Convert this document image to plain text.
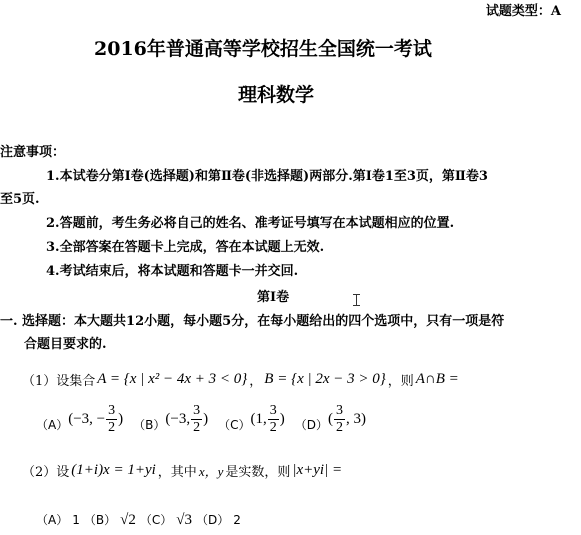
试题类型：A
2016年普通高等学校招生全国统一考试
理科数学
注意事项：
1.本试卷分第Ⅰ卷(选择题)和第Ⅱ卷(非选择题)两部分.第Ⅰ卷1至3页，第Ⅱ卷3
至5页.
2.答题前，考生务必将自己的姓名、准考证号填写在本试题相应的位置.
3.全部答案在答题卡上完成，答在本试题上无效.
4.考试结束后，将本试题和答题卡一并交回.
第Ⅰ卷
一. 选择题：本大题共12小题，每小题5分，在每小题给出的四个选项中，只有一项是符
合题目要求的.
（1）设集合 A = {x | x² − 4x + 3 < 0} ， B = {x | 2x − 3 > 0} ，则 A∩B =
（A） (−3, − $\frac{3}{2}$ ) （B） (−3, $\frac{3}{2}$ ) （C） (1, $\frac{3}{2}$ ) （D） ( $\frac{3}{2}$ , 3)
（2）设 (1+i)x = 1+yi ，其中 x，y 是实数，则 |x+yi| =
（A） 1 （B） √2 （C） √3 （D） 2
